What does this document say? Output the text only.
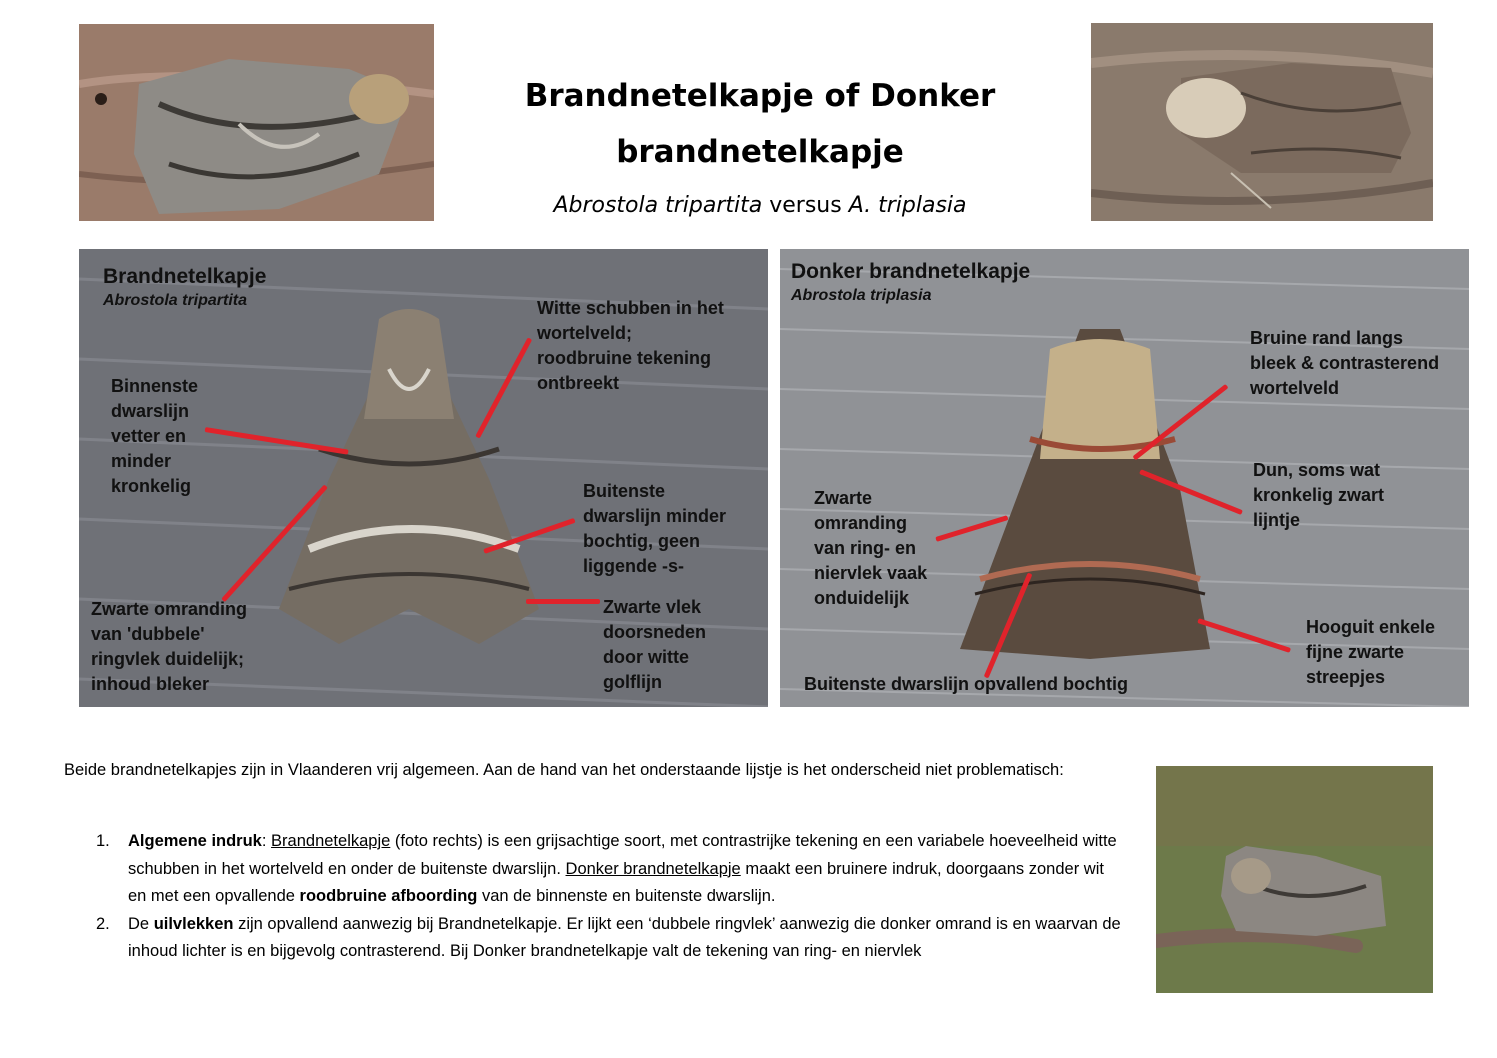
Brandnetelkapje of Donker
brandnetelkapje
Abrostola tripartita versus A. triplasia
Brandnetelkapje
Abrostola tripartita	Witte schubben in het
wortelveld;
roodbruine tekening
ontbreekt
Binnenste
dwarslijn
vetter en
minder
kronkelig	Buitenste
dwarslijn minder
bochtig, geen
liggende -s-
Zwarte omranding
van 'dubbele'
ringvlek duidelijk;
inhoud bleker
Zwarte vlek
doorsneden
door witte
golflijn
Donker brandnetelkapje
Abrostola triplasia
Bruine rand langs
bleek & contrasterend
wortelveld
Dun, soms wat
kronkelig zwart
lijntje
Zwarte
omranding
van ring- en
niervlek vaak
onduidelijk
Hooguit enkele
fijne zwarte
streepjes
Buitenste dwarslijn opvallend bochtig
Beide brandnetelkapjes zijn in Vlaanderen vrij algemeen. Aan de hand van het onderstaande lijstje is het onderscheid niet problematisch:
1. Algemene indruk: Brandnetelkapje (foto rechts) is een grijsachtige soort, met contrastrijke tekening en een variabele hoeveelheid witte schubben in het wortelveld en onder de buitenste dwarslijn. Donker brandnetelkapje maakt een bruinere indruk, doorgaans zonder wit en met een opvallende roodbruine afboording van de binnenste en buitenste dwarslijn.
2. De uilvlekken zijn opvallend aanwezig bij Brandnetelkapje. Er lijkt een ‘dubbele ringvlek’ aanwezig die donker omrand is en waarvan de inhoud lichter is en bijgevolg contrasterend. Bij Donker brandnetelkapje valt de tekening van ring- en niervlek
